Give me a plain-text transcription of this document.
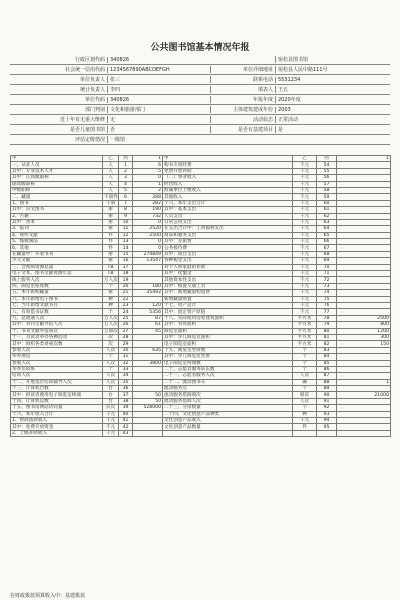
公共图书馆基本情况年报
行政区划代码	340826	宿松县图书馆
社会统一信用代码	1234567890ABCDEFGH	单位详细地址	宿松县人民中路111号
单位负责人	张三	联系电话	5551234
统计负责人	李四	填表人	王五
单位代码	340826	年报年度	2020年度
部门判别	文化和旅游部门	主体建筑建成年份	2003
近十年有无重大维修	无	活动状态	正常活动
是否儿童图书馆	否	是否有基建项目	是
评估定级情况	一级馆
甲	乙	丙	1	甲	乙	丙	1
一、从业人员	人	1	6	购书专项经费	千元	54	
其中：专业技术人才	人	2	5	免费开放补助	千元	55	
其中：正高级职称	人	3	0	（二）事业收入	千元	56	
副高级职称	人	4	1	经营收入	千元	57	
中级职称	人	5	2	附属单位上缴收入	千元	58	
二、藏量	千册件	6	288	其他收入	千元	59	
1、图书	千册	7	282	十六、本年支出合计	千元	60	
其中：盲文图书	册	8	190	其中：基本支出	千元	61	
2、古籍	册	9	732	人员支出	千元	62	
其中：善本	册	10	0	日常公用支出	千元	63	
3、报刊	册	11	2520	在支出合计中：工资福利支出	千元	64	
4、视听文献	件	12	2500	商品和服务支出	千元	65	
5、缩微制品	件	13	0	其中：差旅费	千元	66	
6、其他	件	14	0	公务接待费	千元	67	
在藏量中：开架书刊	册	15	274849	其中：项目支出	千元	68	
少儿文献	册	16	13547	各种税金支出	千元	69	
三、音视频资源总量	TB	17		对个人和家庭的补助	千元	70	
电子文本、图书文献资源年总	TB	18		其中：抚恤金	千元	71	
线上服务人次	万人次	19		其他资本性支出	千元	72	
四、阅览室座席数	个	20	180	其中：购置交通工具	千元	73	
五、本年新购藏量	册	21	35492	其中：新增藏量购置费	千元	74	
六、本年新增电子图书	种	22		新增藏量购置	千元	75	
七、当年新增文献书目	种	23	120	十七、资产总计	千元	76	
八、有效借书证数	个	24	5356	其中：固定资产原值	千元	77	
九、总流通人次	万人次	25	87	十八、实际使用房屋建筑面积	平方米	78	2500
其中：书刊文献外借人次	万人次	26	61	其中：书库面积	平方米	79	800
十、书刊文献外借册次	万册次	27	45	阅览室面积	平方米	80	1200
十一、为读者举办各种活动	次	28		其中：少儿阅览室面积	平方米	81	300
其中：组织各类讲座次数	次	29		电子阅览室面积	平方米	82	150
参加人次	人次	30	635	十九、阅览室坐席数	个	83	
举办展览	个	31		其中：少儿阅览室坐席	个	84	
参观人次	人次	32	3800	电子阅览室终端数	个	85	
举办培训班	个	33		二十、志愿者服务队伍数	个	86	
培训人次	人次	34		二十一、志愿者服务人次	人次	87	
十二、开展基层培训辅导人次	人次	35		二十二、流动图书车	辆	88	1
十三、计算机台数	台	36		流动服务点	个	89	
其中：供读者使用电子阅览室终端	台	37	50	流动服务借阅册次	册次	90	21000
十四、计算机总数	台	38	50	流动服务借阅人次	人次	91	
十五、图书馆网站访问量	页次	39	528000	二十三、分馆数量	个	92	
十六、本年收入合计	千元	40		二十四、文化创意产品种类	种	93	
1、财政拨款收入	千元	41		文化创意产品收入	千元	94	
其中：免费开放资金	千元	42		文化创意产品数量	件	95	
2、上级补助收入	千元	43					
在财政拨款预算收入中：基建拨款
